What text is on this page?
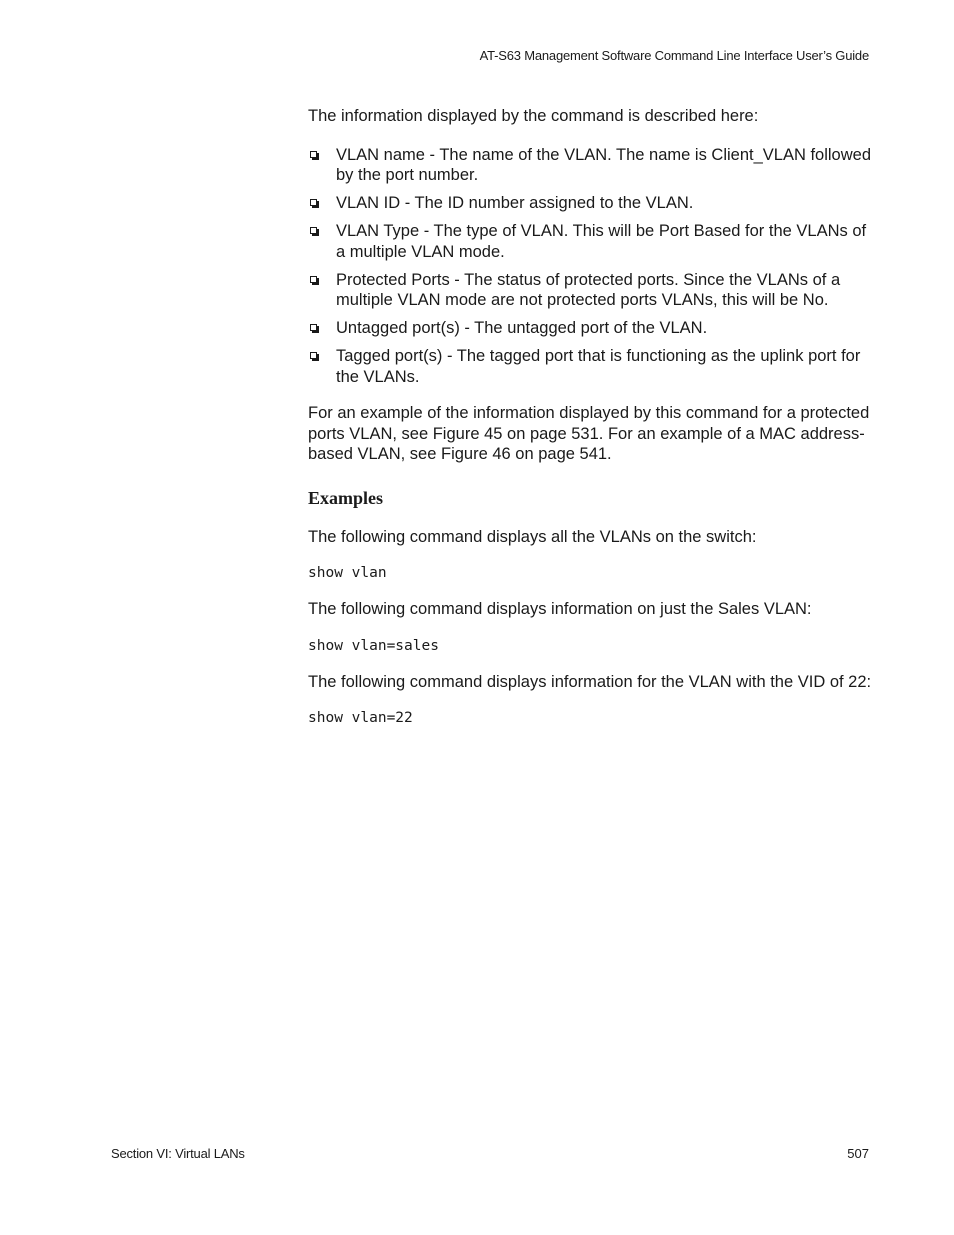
AT-S63 Management Software Command Line Interface User’s Guide

The information displayed by the command is described here:

VLAN name - The name of the VLAN. The name is Client_VLAN followed by the port number.
VLAN ID - The ID number assigned to the VLAN.
VLAN Type - The type of VLAN. This will be Port Based for the VLANs of a multiple VLAN mode.
Protected Ports - The status of protected ports. Since the VLANs of a multiple VLAN mode are not protected ports VLANs, this will be No.
Untagged port(s) - The untagged port of the VLAN.
Tagged port(s) - The tagged port that is functioning as the uplink port for the VLANs.

For an example of the information displayed by this command for a protected ports VLAN, see Figure 45 on page 531. For an example of a MAC address-based VLAN, see Figure 46 on page 541.

Examples

The following command displays all the VLANs on the switch:

show vlan

The following command displays information on just the Sales VLAN:

show vlan=sales

The following command displays information for the VLAN with the VID of 22:

show vlan=22

Section VI: Virtual LANs	507
